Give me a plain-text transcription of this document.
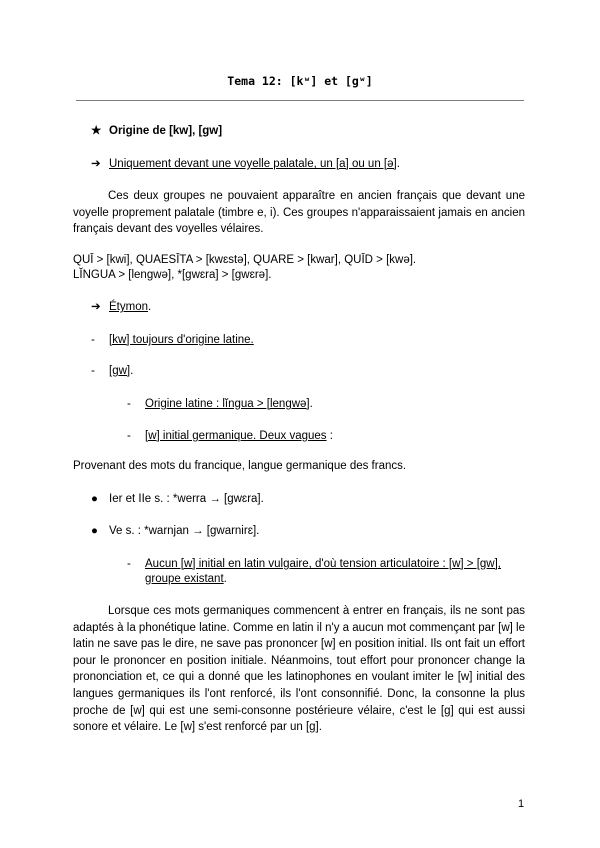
Tema 12: [kʷ] et [gʷ]
★ Origine de [kw], [gw]
➔ Uniquement devant une voyelle palatale, un [a] ou un [ə].
Ces deux groupes ne pouvaient apparaître en ancien français que devant une voyelle proprement palatale (timbre e, i). Ces groupes n'apparaissaient jamais en ancien français devant des voyelles vélaires.
QUĪ > [kwi], QUAESĪTA > [kwɛstə], QUARE > [kwar], QUĪD > [kwə].
LĬNGUA > [lengwə], *[gwɛra] > [gwɛrə].
➔ Étymon.
- [kw] toujours d'origine latine.
- [gw].
- Origine latine : lĭngua > [lengwə].
- [w] initial germanique. Deux vagues :
Provenant des mots du francique, langue germanique des francs.
● Ier et IIe s. : *werra → [gwɛra].
● Ve s. : *warnjan → [gwarnirɛ].
- Aucun [w] initial en latin vulgaire, d'où tension articulatoire : [w] > [gw],
groupe existant.
Lorsque ces mots germaniques commencent à entrer en français, ils ne sont pas adaptés à la phonétique latine. Comme en latin il n'y a aucun mot commençant par [w] le latin ne save pas le dire, ne save pas prononcer [w] en position initial. Ils ont fait un effort pour le prononcer en position initiale. Néanmoins, tout effort pour prononcer change la prononciation et, ce qui a donné que les latinophones en voulant imiter le [w] initial des langues germaniques ils l'ont renforcé, ils l'ont consonnifié. Donc, la consonne la plus proche de [w] qui est une semi-consonne postérieure vélaire, c'est le [g] qui est aussi sonore et vélaire. Le [w] s'est renforcé par un [g].
1
